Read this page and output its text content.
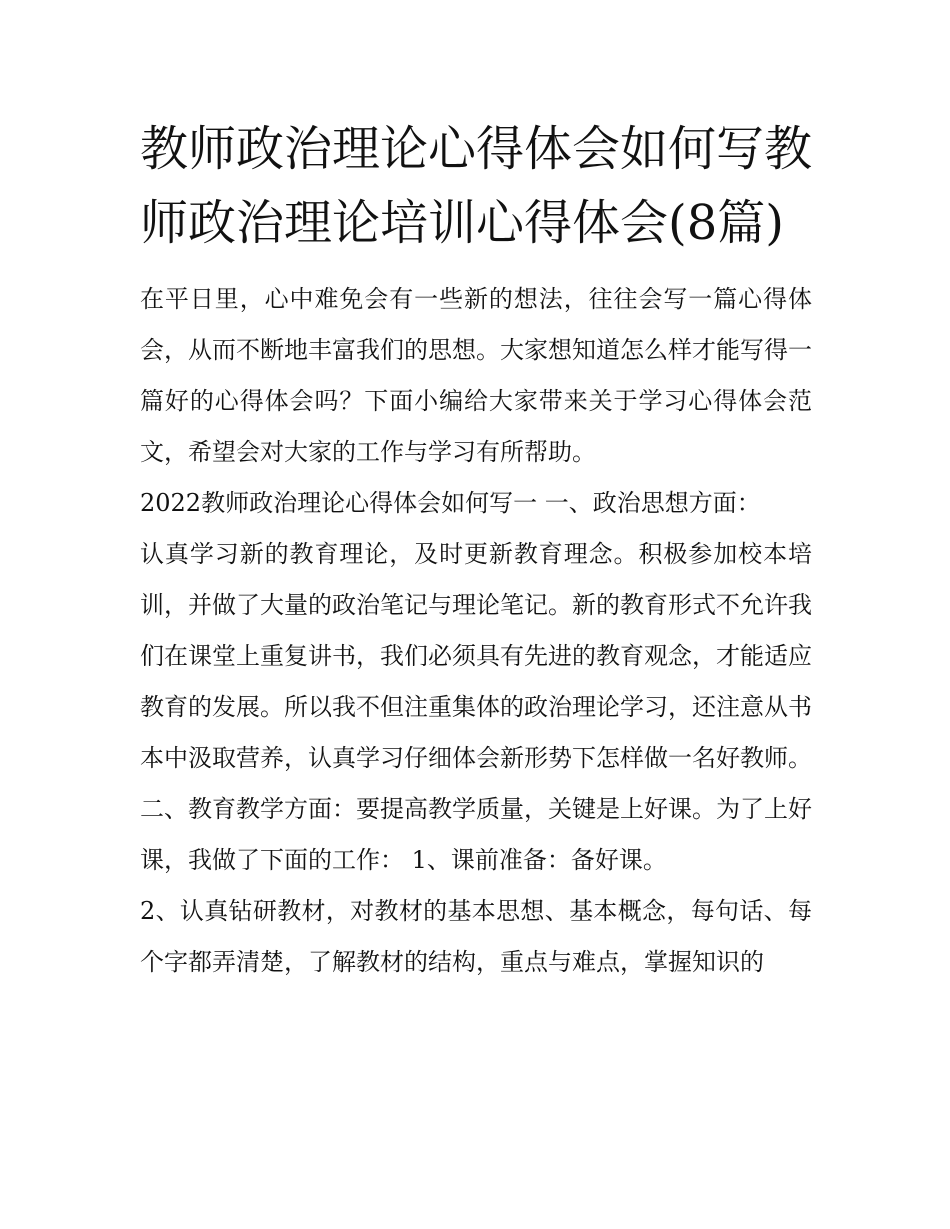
教师政治理论心得体会如何写教师政治理论培训心得体会(8篇)

在平日里，心中难免会有一些新的想法，往往会写一篇心得体会，从而不断地丰富我们的思想。大家想知道怎么样才能写得一篇好的心得体会吗？下面小编给大家带来关于学习心得体会范文，希望会对大家的工作与学习有所帮助。

2022教师政治理论心得体会如何写一 一、政治思想方面：

认真学习新的教育理论，及时更新教育理念。积极参加校本培训，并做了大量的政治笔记与理论笔记。新的教育形式不允许我们在课堂上重复讲书，我们必须具有先进的教育观念，才能适应教育的发展。所以我不但注重集体的政治理论学习，还注意从书本中汲取营养，认真学习仔细体会新形势下怎样做一名好教师。

二、教育教学方面：要提高教学质量，关键是上好课。为了上好课，我做了下面的工作： 1、课前准备：备好课。

2、认真钻研教材，对教材的基本思想、基本概念，每句话、每个字都弄清楚，了解教材的结构，重点与难点，掌握知识的
